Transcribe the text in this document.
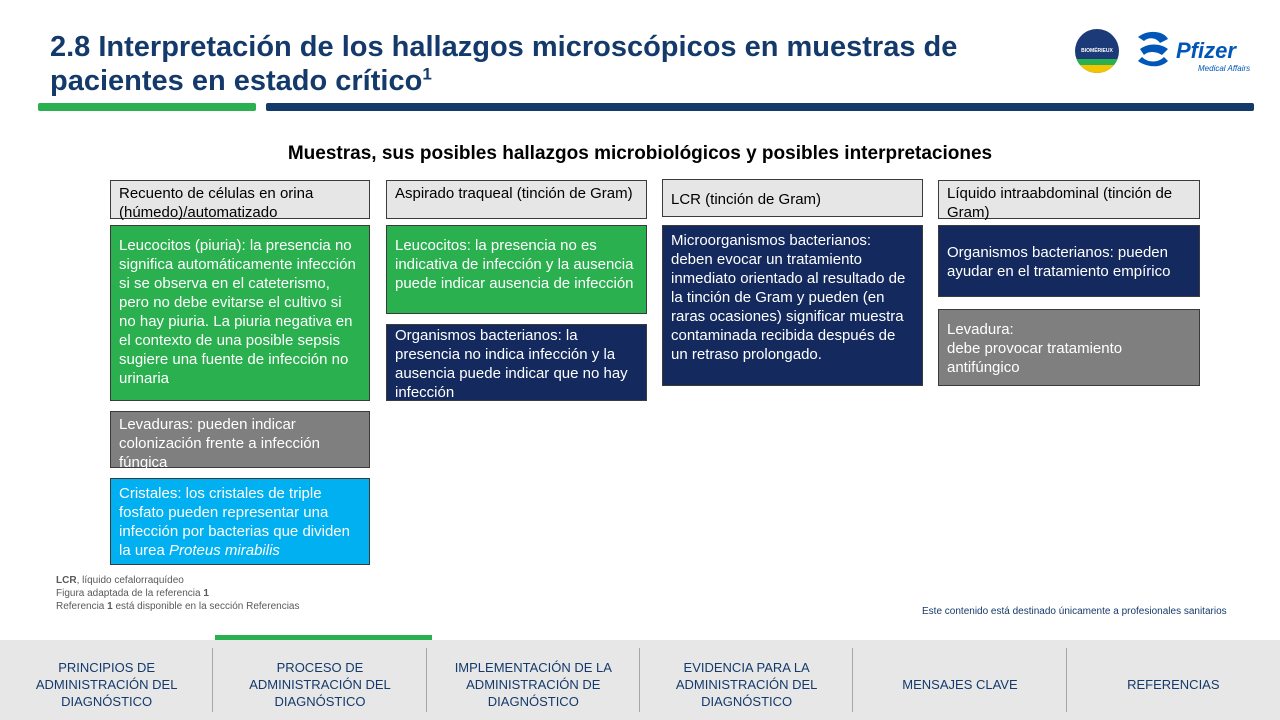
2.8 Interpretación de los hallazgos microscópicos en muestras de pacientes en estado crítico$^1$
BIOMÉRIEUX	Pfizer
Medical Affairs
Muestras, sus posibles hallazgos microbiológicos y posibles interpretaciones
Recuento de células en orina (húmedo)/automatizado
Leucocitos (piuria): la presencia no significa automáticamente infección si se observa en el cateterismo, pero no debe evitarse el cultivo si no hay piuria. La piuria negativa en el contexto de una posible sepsis sugiere una fuente de infección no urinaria
Levaduras: pueden indicar colonización frente a infección fúngica
Cristales: los cristales de triple fosfato pueden representar una infección por bacterias que dividen la urea Proteus mirabilis
Aspirado traqueal (tinción de Gram)
Leucocitos: la presencia no es indicativa de infección y la ausencia puede indicar ausencia de infección
Organismos bacterianos: la presencia no indica infección y la ausencia puede indicar que no hay infección
LCR (tinción de Gram)
Microorganismos bacterianos: deben evocar un tratamiento inmediato orientado al resultado de la tinción de Gram y pueden (en raras ocasiones) significar muestra contaminada recibida después de un retraso prolongado.
Líquido intraabdominal (tinción de Gram)
Organismos bacterianos: pueden ayudar en el tratamiento empírico
Levadura:
debe provocar tratamiento antifúngico
LCR, líquido cefalorraquídeo
Figura adaptada de la referencia 1
Referencia 1 está disponible en la sección Referencias	Este contenido está destinado únicamente a profesionales sanitarios
PRINCIPIOS DE ADMINISTRACIÓN DEL DIAGNÓSTICO
PROCESO DE ADMINISTRACIÓN DEL DIAGNÓSTICO
IMPLEMENTACIÓN DE LA ADMINISTRACIÓN DE DIAGNÓSTICO
EVIDENCIA PARA LA ADMINISTRACIÓN DEL DIAGNÓSTICO
MENSAJES CLAVE	REFERENCIAS
